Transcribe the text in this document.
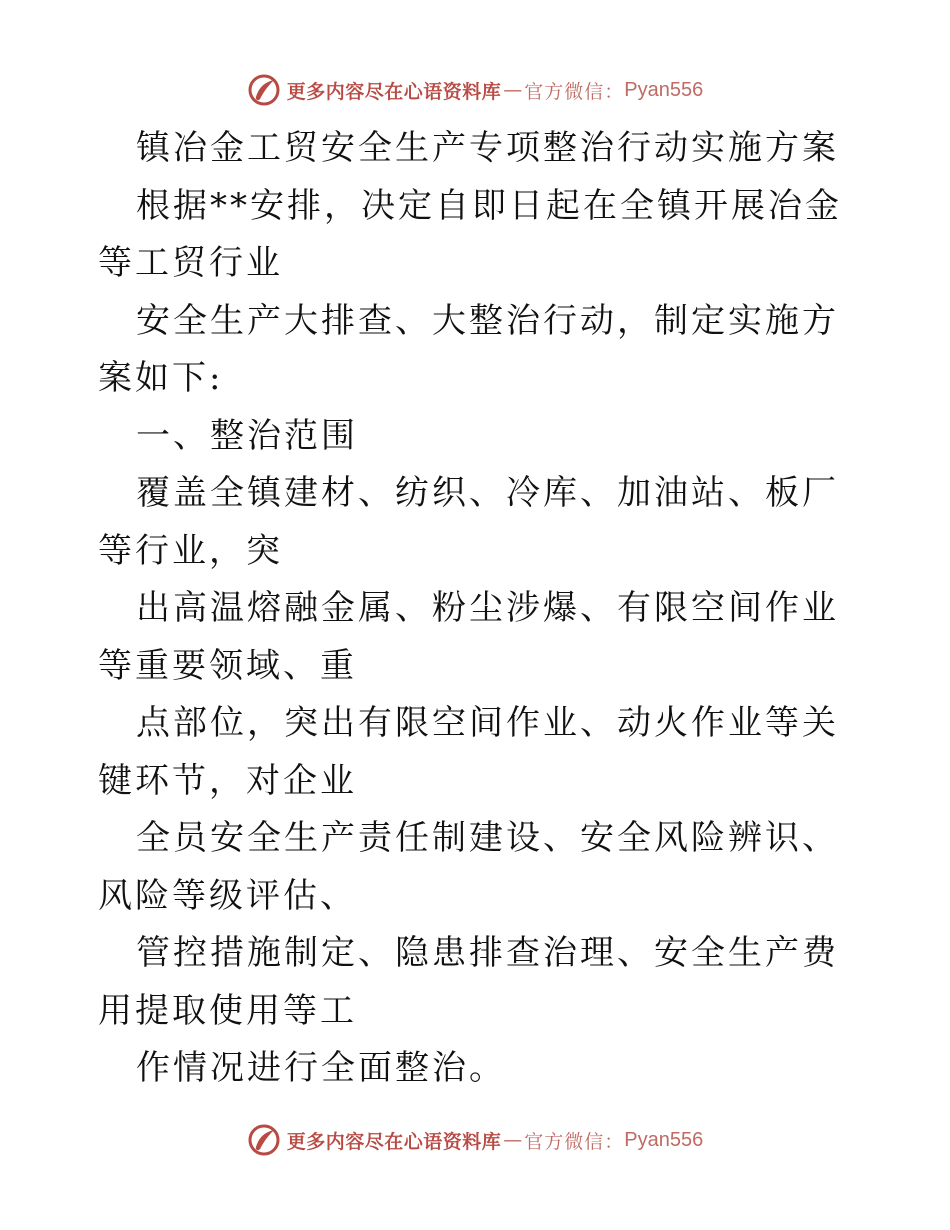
更多内容尽在心语资料库 — 官方微信： Pyan556

镇冶金工贸安全生产专项整治行动实施方案

根据**安排，决定自即日起在全镇开展冶金等工贸行业

安全生产大排查、大整治行动，制定实施方案如下:

一、整治范围

覆盖全镇建材、纺织、冷库、加油站、板厂等行业，突

出高温熔融金属、粉尘涉爆、有限空间作业等重要领域、重

点部位，突出有限空间作业、动火作业等关键环节，对企业

全员安全生产责任制建设、安全风险辨识、风险等级评估、

管控措施制定、隐患排查治理、安全生产费用提取使用等工

作情况进行全面整治。

更多内容尽在心语资料库 — 官方微信： Pyan556
